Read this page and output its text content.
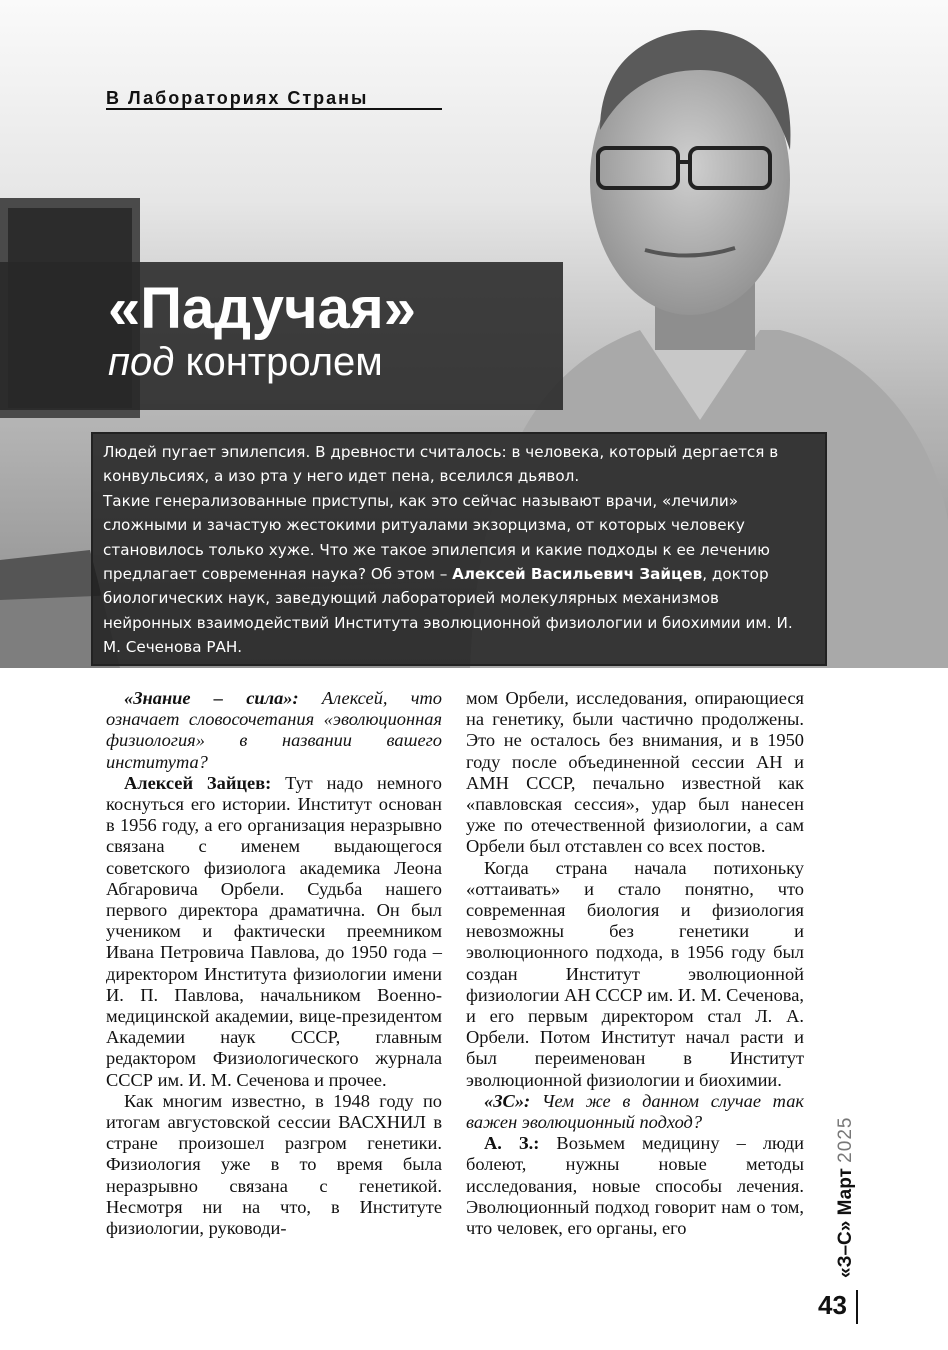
В Лабораториях Страны
«Падучая»
под контролем
Людей пугает эпилепсия. В древности считалось: в человека, который дергается в конвульсиях, а изо рта у него идет пена, вселился дьявол.
Такие генерализованные приступы, как это сейчас называют врачи, «лечили» сложными и зачастую жестокими ритуалами экзорцизма, от которых человеку становилось только хуже. Что же такое эпилепсия и какие подходы к ее лечению предлагает современная наука? Об этом – Алексей Васильевич Зайцев, доктор биологических наук, заведующий лабораторией молекулярных механизмов нейронных взаимодействий Института эволюционной физиологии и биохимии им. И. М. Сеченова РАН.

«Знание – сила»: Алексей, что означает словосочетания «эволюционная физиология» в названии вашего института?

Алексей Зайцев: Тут надо немного коснуться его истории. Институт основан в 1956 году, а его организация неразрывно связана с именем выдающегося советского физиолога академика Леона Абгаровича Орбели. Судьба нашего первого директора драматична. Он был учеником и фактически преемником Ивана Петровича Павлова, до 1950 года – директором Института физиологии имени И. П. Павлова, начальником Военно-медицинской академии, вице-президентом Академии наук СССР, главным редактором Физиологического журнала СССР им. И. М. Сеченова и прочее.

Как многим известно, в 1948 году по итогам августовской сессии ВАСХНИЛ в стране произошел разгром генетики. Физиология уже в то время была неразрывно связана с генетикой. Несмотря ни на что, в Институте физиологии, руководи-

мом Орбели, исследования, опирающиеся на генетику, были частично продолжены. Это не осталось без внимания, и в 1950 году после объединенной сессии АН и АМН СССР, печально известной как «павловская сессия», удар был нанесен уже по отечественной физиологии, а сам Орбели был отставлен со всех постов.

Когда страна начала потихоньку «оттаивать» и стало понятно, что современная биология и физиология невозможны без генетики и эволюционного подхода, в 1956 году был создан Институт эволюционной физиологии АН СССР им. И. М. Сеченова, и его первым директором стал Л. А. Орбели. Потом Институт начал расти и был переименован в Институт эволюционной физиологии и биохимии.

«ЗС»: Чем же в данном случае так важен эволюционный подход?

А. З.: Возьмем медицину – люди болеют, нужны новые методы исследования, новые способы лечения. Эволюционный подход говорит нам о том, что человек, его органы, его	«З–С» Март 2025
43
